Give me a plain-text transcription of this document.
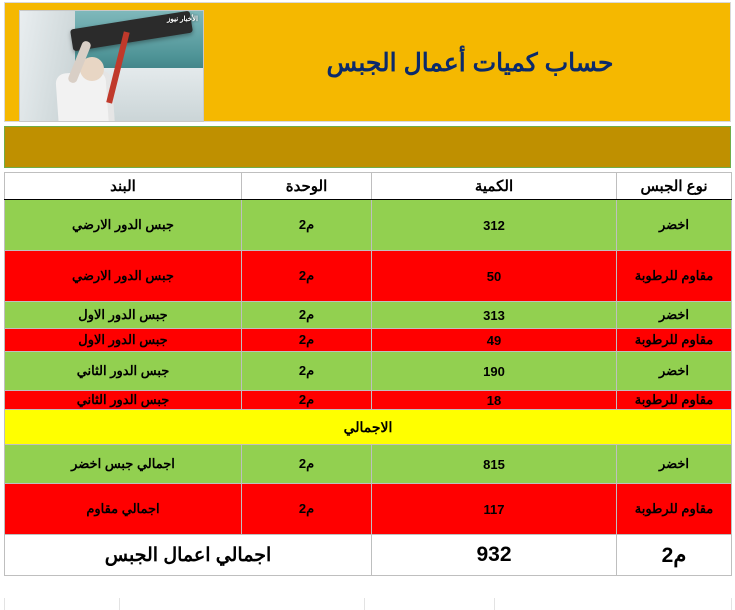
الأخبار نيوز
حساب كميات أعمال الجبس
نوع الجبس	الكمية	الوحدة	البند
اخضر	312	م2	جبس الدور الارضي
مقاوم للرطوبة	50	م2	جبس الدور الارضي
اخضر	313	م2	جبس الدور الاول
مقاوم للرطوبة	49	م2	جبس الدور الاول
اخضر	190	م2	جبس الدور الثاني
مقاوم للرطوبة	18	م2	جبس الدور الثاني
الاجمالي			
اخضر	815	م2	اجمالي جبس اخضر
مقاوم للرطوبة	117	م2	اجمالي مقاوم
م2	932	اجمالي اعمال الجبس	
